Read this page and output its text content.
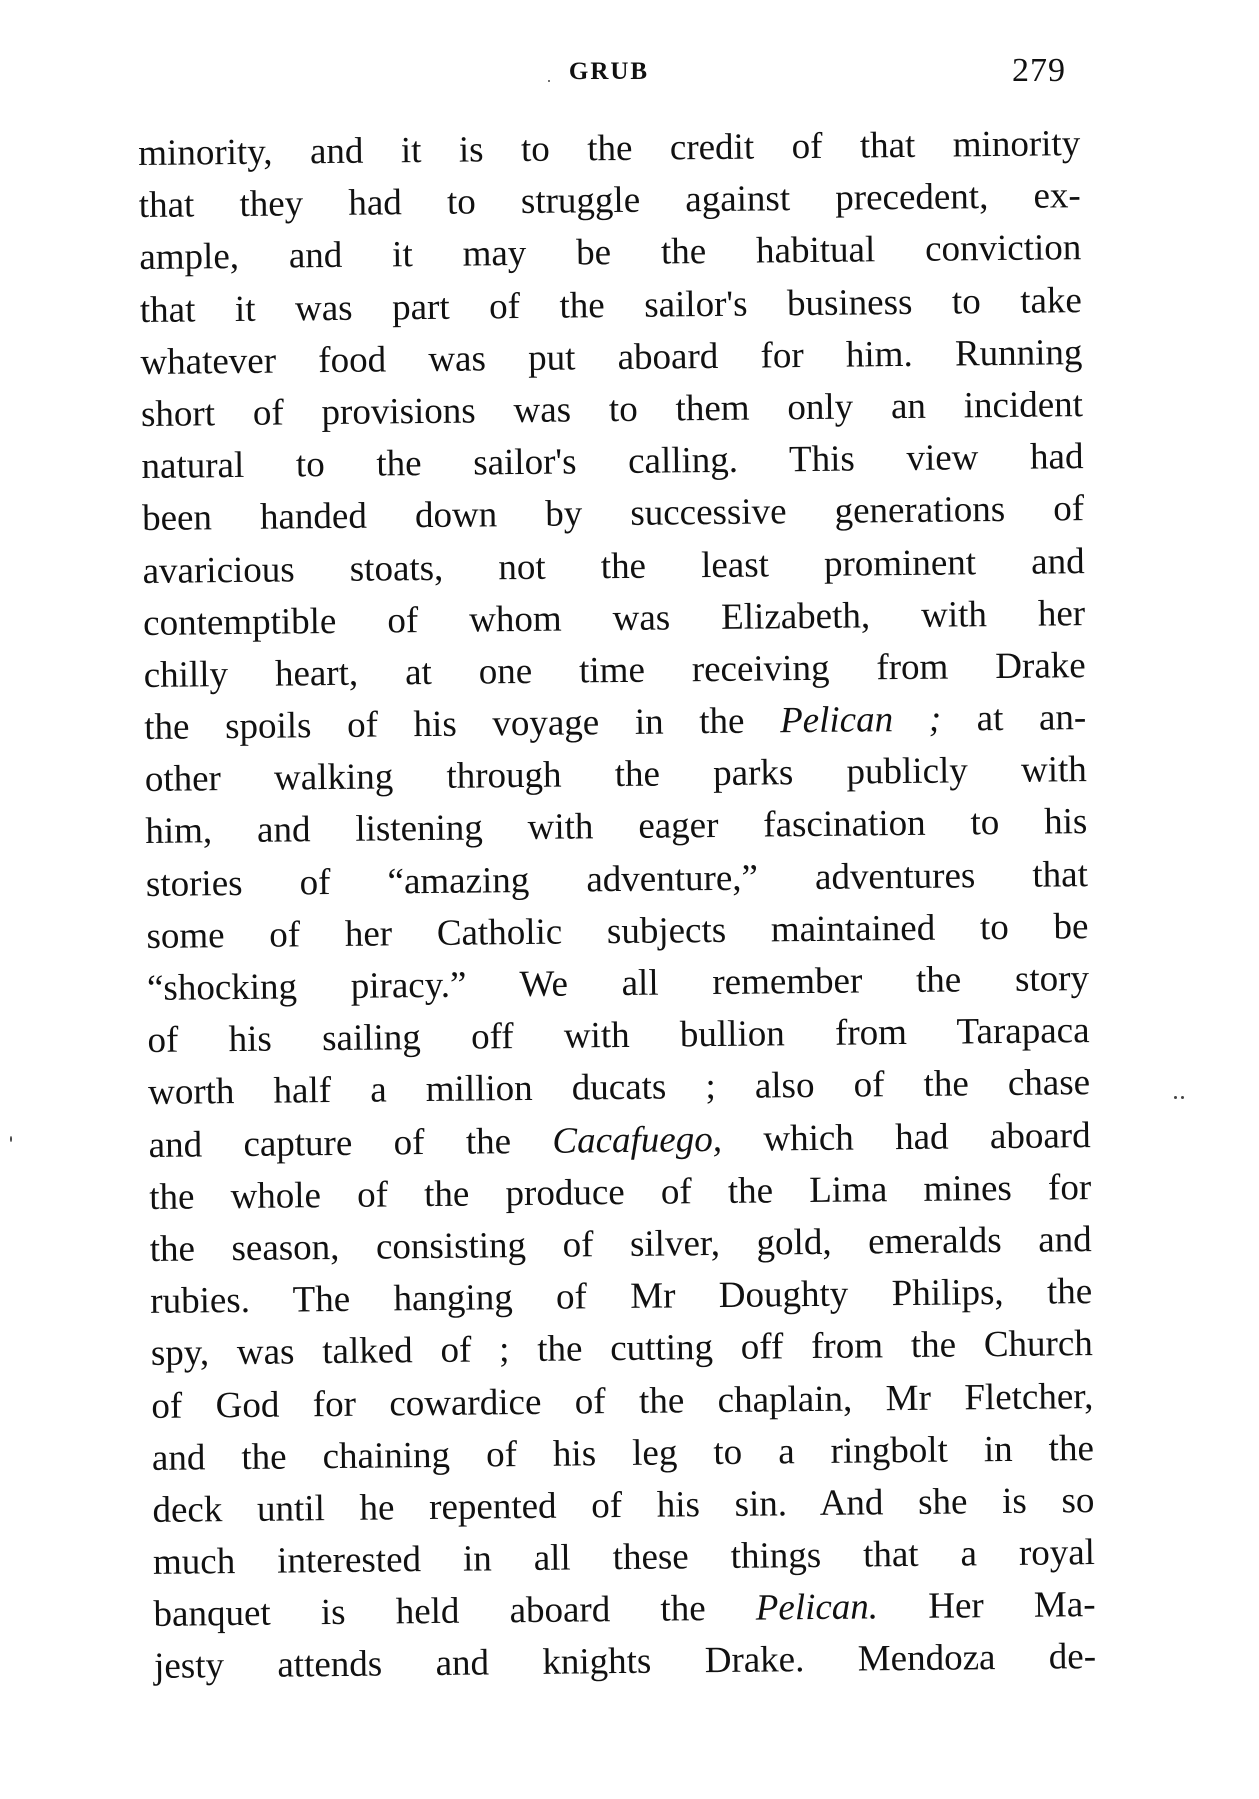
GRUB	279
minority, and it is to the credit of that minority
that they had to struggle against precedent, ex-
ample, and it may be the habitual conviction
that it was part of the sailor's business to take
whatever food was put aboard for him. Running
short of provisions was to them only an incident
natural to the sailor's calling. This view had
been handed down by successive generations of
avaricious stoats, not the least prominent and
contemptible of whom was Elizabeth, with her
chilly heart, at one time receiving from Drake
the spoils of his voyage in the Pelican ; at an-
other walking through the parks publicly with
him, and listening with eager fascination to his
stories of “amazing adventure,” adventures that
some of her Catholic subjects maintained to be
“shocking piracy.” We all remember the story
of his sailing off with bullion from Tarapaca
worth half a million ducats ; also of the chase
and capture of the Cacafuego, which had aboard
the whole of the produce of the Lima mines for
the season, consisting of silver, gold, emeralds and
rubies. The hanging of Mr Doughty Philips, the
spy, was talked of ; the cutting off from the Church
of God for cowardice of the chaplain, Mr Fletcher,
and the chaining of his leg to a ringbolt in the
deck until he repented of his sin. And she is so
much interested in all these things that a royal
banquet is held aboard the Pelican. Her Ma-
jesty attends and knights Drake. Mendoza de-
